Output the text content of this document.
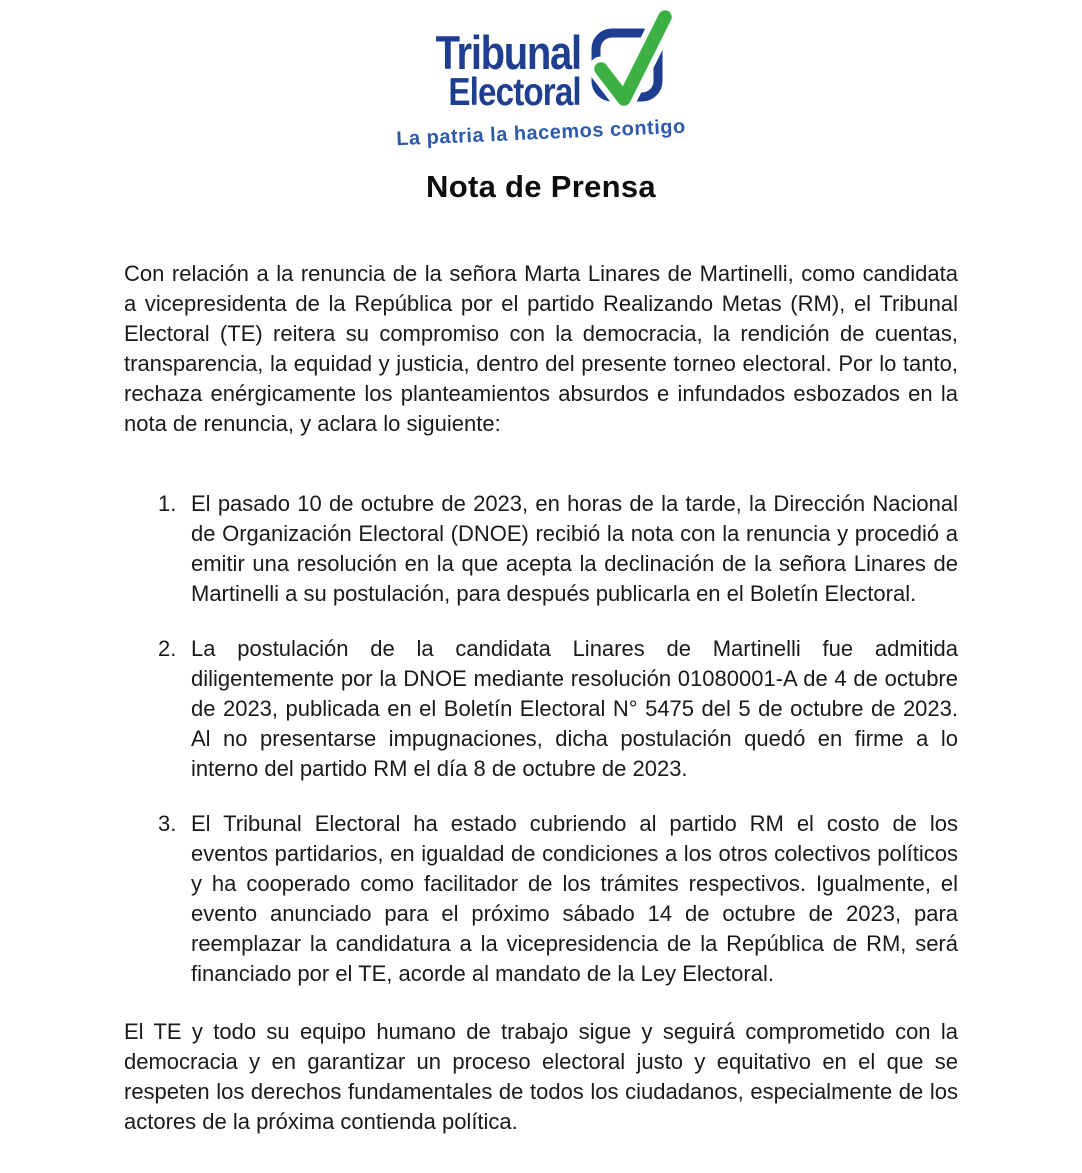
Tribunal
Electoral
La patria la hacemos contigo
Nota de Prensa

Con relación a la renuncia de la señora Marta Linares de Martinelli, como candidata a vicepresidenta de la República por el partido Realizando Metas (RM), el Tribunal Electoral (TE) reitera su compromiso con la democracia, la rendición de cuentas, transparencia, la equidad y justicia, dentro del presente torneo electoral. Por lo tanto, rechaza enérgicamente los planteamientos absurdos e infundados esbozados en la nota de renuncia, y aclara lo siguiente:

1. El pasado 10 de octubre de 2023, en horas de la tarde, la Dirección Nacional de Organización Electoral (DNOE) recibió la nota con la renuncia y procedió a emitir una resolución en la que acepta la declinación de la señora Linares de Martinelli a su postulación, para después publicarla en el Boletín Electoral.
2. La postulación de la candidata Linares de Martinelli fue admitida diligentemente por la DNOE mediante resolución 01080001-A de 4 de octubre de 2023, publicada en el Boletín Electoral N° 5475 del 5 de octubre de 2023. Al no presentarse impugnaciones, dicha postulación quedó en firme a lo interno del partido RM el día 8 de octubre de 2023.
3. El Tribunal Electoral ha estado cubriendo al partido RM el costo de los eventos partidarios, en igualdad de condiciones a los otros colectivos políticos y ha cooperado como facilitador de los trámites respectivos. Igualmente, el evento anunciado para el próximo sábado 14 de octubre de 2023, para reemplazar la candidatura a la vicepresidencia de la República de RM, será financiado por el TE, acorde al mandato de la Ley Electoral.

El TE y todo su equipo humano de trabajo sigue y seguirá comprometido con la democracia y en garantizar un proceso electoral justo y equitativo en el que se respeten los derechos fundamentales de todos los ciudadanos, especialmente de los actores de la próxima contienda política.
